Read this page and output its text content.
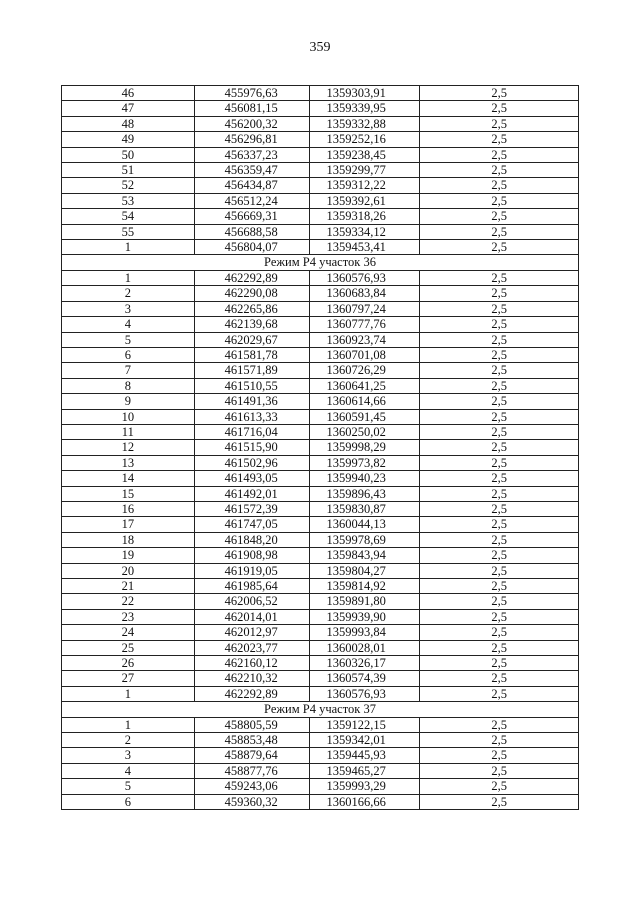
359
46	455976,63	1359303,91	2,5
47	456081,15	1359339,95	2,5
48	456200,32	1359332,88	2,5
49	456296,81	1359252,16	2,5
50	456337,23	1359238,45	2,5
51	456359,47	1359299,77	2,5
52	456434,87	1359312,22	2,5
53	456512,24	1359392,61	2,5
54	456669,31	1359318,26	2,5
55	456688,58	1359334,12	2,5
1	456804,07	1359453,41	2,5
Режим Р4 участок 36			
1	462292,89	1360576,93	2,5
2	462290,08	1360683,84	2,5
3	462265,86	1360797,24	2,5
4	462139,68	1360777,76	2,5
5	462029,67	1360923,74	2,5
6	461581,78	1360701,08	2,5
7	461571,89	1360726,29	2,5
8	461510,55	1360641,25	2,5
9	461491,36	1360614,66	2,5
10	461613,33	1360591,45	2,5
11	461716,04	1360250,02	2,5
12	461515,90	1359998,29	2,5
13	461502,96	1359973,82	2,5
14	461493,05	1359940,23	2,5
15	461492,01	1359896,43	2,5
16	461572,39	1359830,87	2,5
17	461747,05	1360044,13	2,5
18	461848,20	1359978,69	2,5
19	461908,98	1359843,94	2,5
20	461919,05	1359804,27	2,5
21	461985,64	1359814,92	2,5
22	462006,52	1359891,80	2,5
23	462014,01	1359939,90	2,5
24	462012,97	1359993,84	2,5
25	462023,77	1360028,01	2,5
26	462160,12	1360326,17	2,5
27	462210,32	1360574,39	2,5
1	462292,89	1360576,93	2,5
Режим Р4 участок 37			
1	458805,59	1359122,15	2,5
2	458853,48	1359342,01	2,5
3	458879,64	1359445,93	2,5
4	458877,76	1359465,27	2,5
5	459243,06	1359993,29	2,5
6	459360,32	1360166,66	2,5
